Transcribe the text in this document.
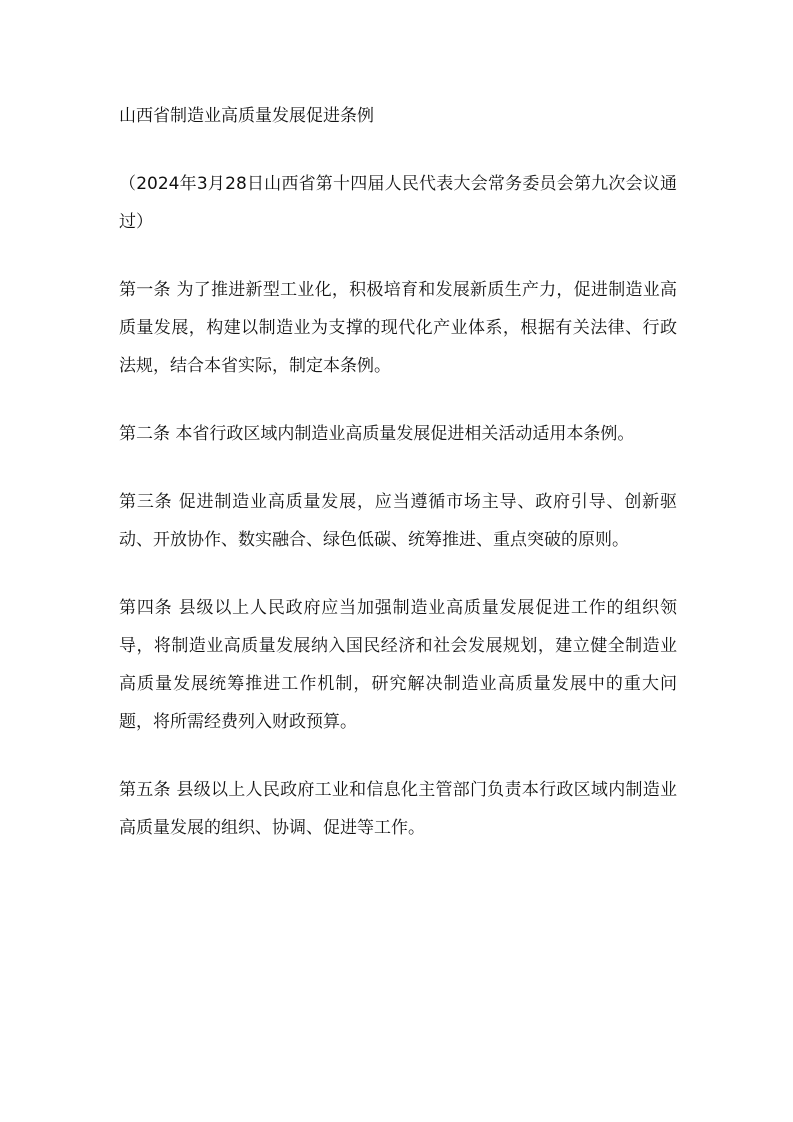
山西省制造业高质量发展促进条例

（2024年3月28日山西省第十四届人民代表大会常务委员会第九次会议通过）

第一条 为了推进新型工业化，积极培育和发展新质生产力，促进制造业高质量发展，构建以制造业为支撑的现代化产业体系，根据有关法律、行政法规，结合本省实际，制定本条例。

第二条 本省行政区域内制造业高质量发展促进相关活动适用本条例。

第三条 促进制造业高质量发展，应当遵循市场主导、政府引导、创新驱动、开放协作、数实融合、绿色低碳、统筹推进、重点突破的原则。

第四条 县级以上人民政府应当加强制造业高质量发展促进工作的组织领导，将制造业高质量发展纳入国民经济和社会发展规划，建立健全制造业高质量发展统筹推进工作机制，研究解决制造业高质量发展中的重大问题，将所需经费列入财政预算。

第五条 县级以上人民政府工业和信息化主管部门负责本行政区域内制造业高质量发展的组织、协调、促进等工作。
